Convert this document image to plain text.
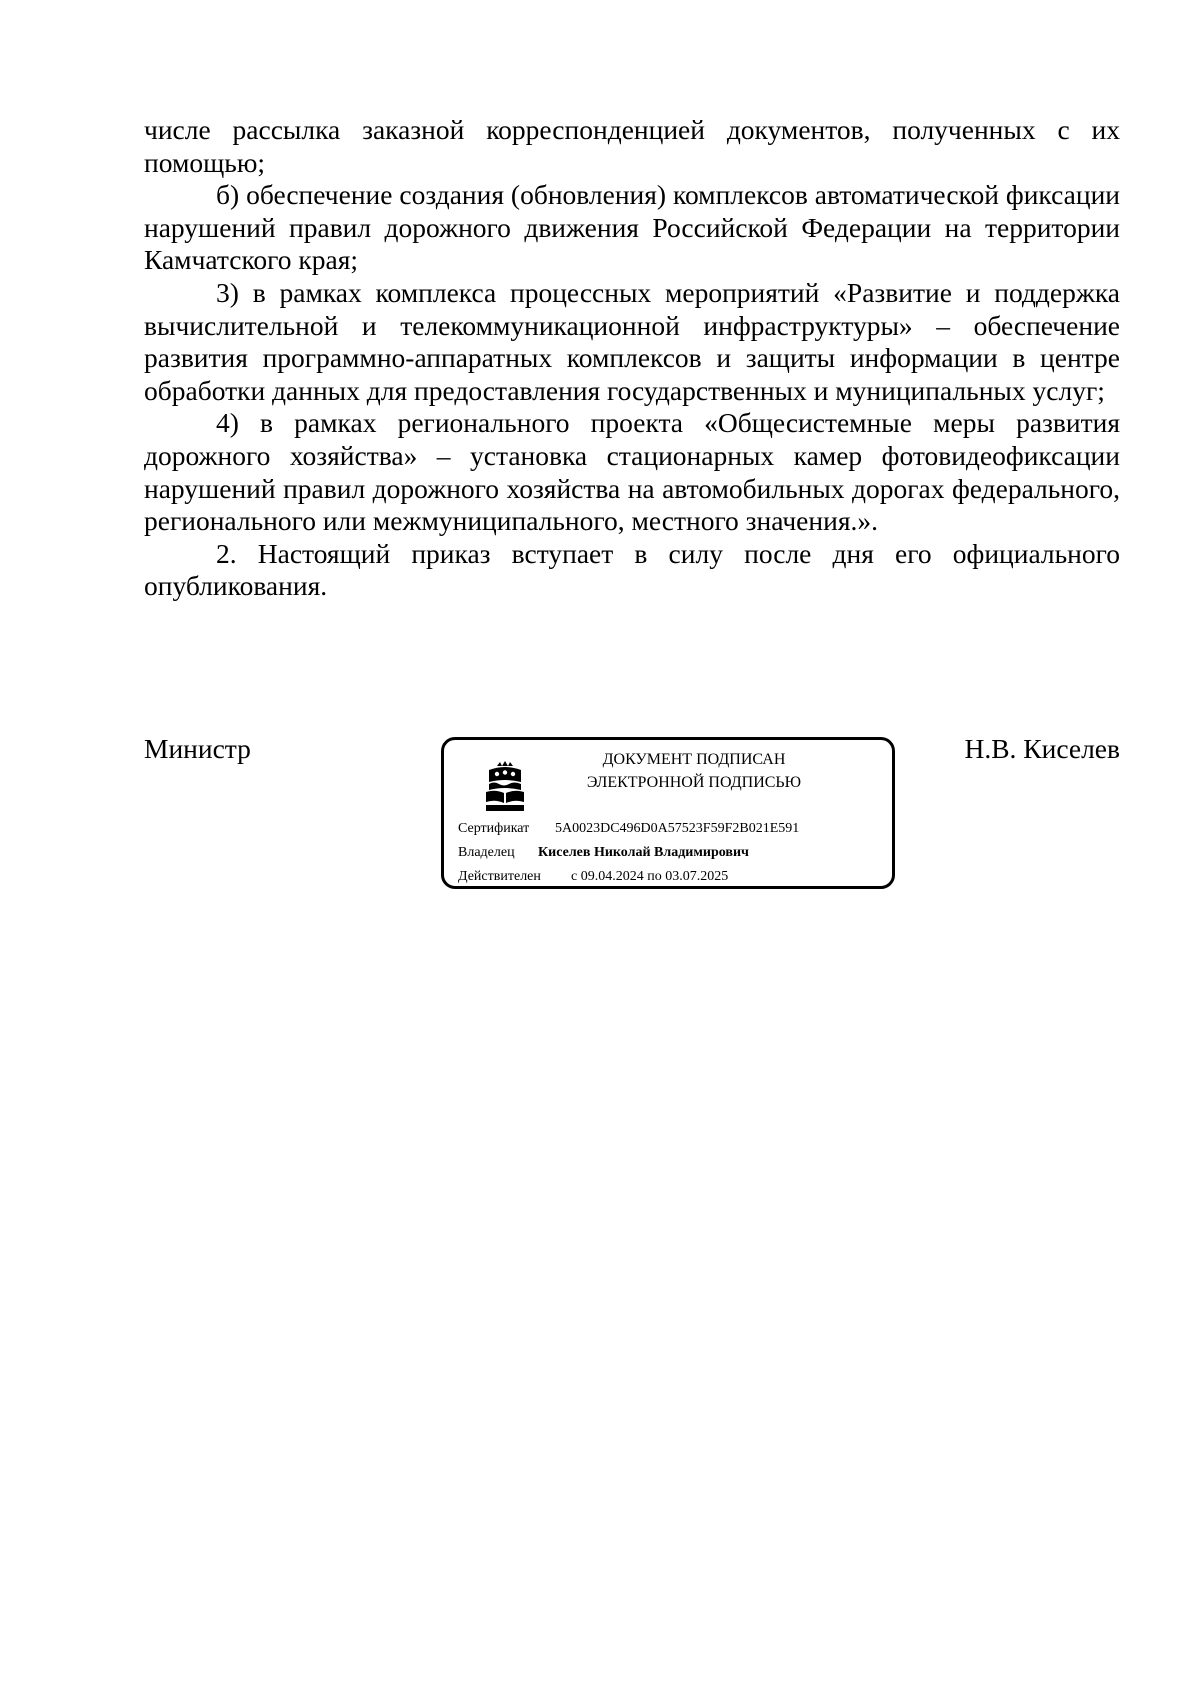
числе рассылка заказной корреспонденцией документов, полученных с их помощью;

б) обеспечение создания (обновления) комплексов автоматической фиксации нарушений правил дорожного движения Российской Федерации на территории Камчатского края;

3) в рамках комплекса процессных мероприятий «Развитие и поддержка вычислительной и телекоммуникационной инфраструктуры» – обеспечение развития программно-аппаратных комплексов и защиты информации в центре обработки данных для предоставления государственных и муниципальных услуг;

4) в рамках регионального проекта «Общесистемные меры развития дорожного хозяйства» – установка стационарных камер фотовидеофиксации нарушений правил дорожного хозяйства на автомобильных дорогах федерального, регионального или межмуниципального, местного значения.».

2. Настоящий приказ вступает в силу после дня его официального опубликования.

Министр	ДОКУМЕНТ ПОДПИСАН
ЭЛЕКТРОННОЙ ПОДПИСЬЮ
Сертификат 5A0023DC496D0A57523F59F2B021E591
Владелец Киселев Николай Владимирович
Действителен с 09.04.2024 по 03.07.2025
Н.В. Киселев
